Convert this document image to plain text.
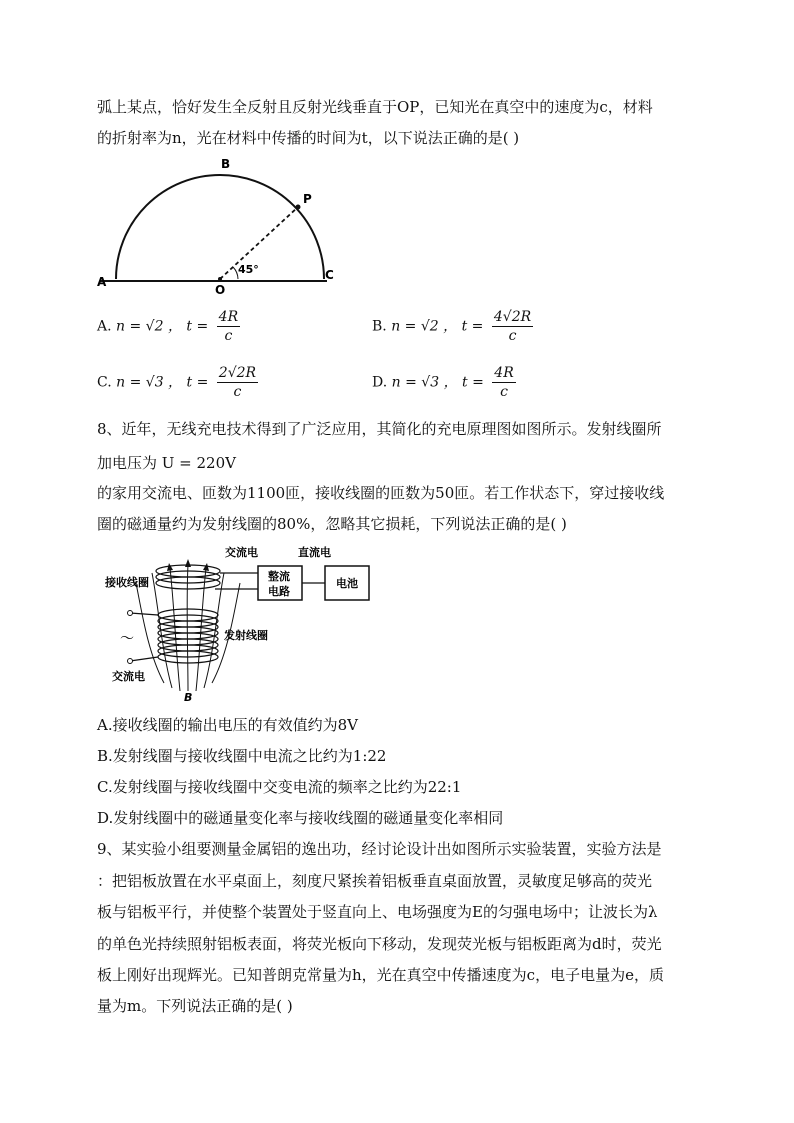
弧上某点，恰好发生全反射且反射光线垂直于OP，已知光在真空中的速度为c，材料
的折射率为n，光在材料中传播的时间为t，以下说法正确的是( )
A
B
C
O
P
45°
A. n = √2 ， $t = \frac{4R}{c}$	B. n = √2 ， $t = \frac{4√2R}{c}$
C. n = √3 ， $t = \frac{2√2R}{c}$	D. n = √3 ， $t = \frac{4R}{c}$
8、近年，无线充电技术得到了广泛应用，其简化的充电原理图如图所示。发射线圈所
加电压为 U = 220V
的家用交流电、匝数为1100匝，接收线圈的匝数为50匝。若工作状态下，穿过接收线
圈的磁通量约为发射线圈的80%，忽略其它损耗，下列说法正确的是( )
交流电	直流电
接收线圈	整流
电路
电池
～	发射线圈
交流电
B
A.接收线圈的输出电压的有效值约为8V
B.发射线圈与接收线圈中电流之比约为1:22
C.发射线圈与接收线圈中交变电流的频率之比约为22:1
D.发射线圈中的磁通量变化率与接收线圈的磁通量变化率相同
9、某实验小组要测量金属铝的逸出功，经讨论设计出如图所示实验装置，实验方法是
：把铝板放置在水平桌面上，刻度尺紧挨着铝板垂直桌面放置，灵敏度足够高的荧光
板与铝板平行，并使整个装置处于竖直向上、电场强度为E的匀强电场中；让波长为λ
的单色光持续照射铝板表面，将荧光板向下移动，发现荧光板与铝板距离为d时，荧光
板上刚好出现辉光。已知普朗克常量为h，光在真空中传播速度为c，电子电量为e，质
量为m。下列说法正确的是( )
